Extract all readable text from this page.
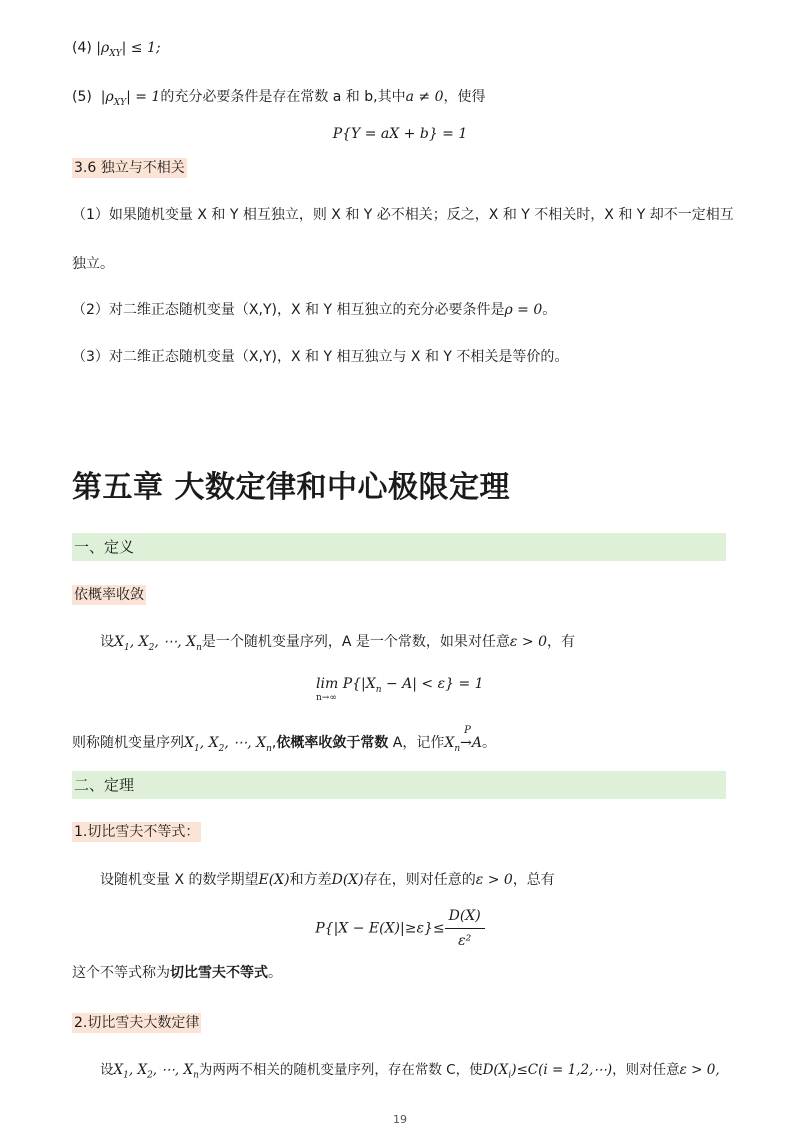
(4) $|\rho_{XY}| \le 1$;
(5) $|\rho_{XY}| = 1$的充分必要条件是存在常数 a 和 b,其中a ≠ 0，使得
P{Y = aX + b} = 1
3.6 独立与不相关
（1）如果随机变量 X 和 Y 相互独立，则 X 和 Y 必不相关；反之，X 和 Y 不相关时，X 和 Y 却不一定相互
独立。
（2）对二维正态随机变量（X,Y)，X 和 Y 相互独立的充分必要条件是ρ = 0。
（3）对二维正态随机变量（X,Y)，X 和 Y 相互独立与 X 和 Y 不相关是等价的。
第五章 大数定律和中心极限定理
一、定义
依概率收敛
设$X_1$, $X_2$, ⋯, $X_n$是一个随机变量序列，A 是一个常数，如果对任意ε > 0，有
$\lim P\{|X_n - A| < \varepsilon\} = 1$
n→∞
则称随机变量序列$X_1$, $X_2$, ⋯, $X_n$,依概率收敛于常数 A，记作$X_n$
P
→A。
二、定理
1.切比雪夫不等式：
设随机变量 X 的数学期望E(X)和方差D(X)存在，则对任意的ε > 0，总有
$P\{|X - E(X)|\ge\varepsilon\}\le \frac{D(X)}{\text{ε²}}$
这个不等式称为切比雪夫不等式。
2.切比雪夫大数定律
设$X_1$, $X_2$, ⋯, $X_n$为两两不相关的随机变量序列，存在常数 C，使$D(X_i)\le C(i$ = 1,2,⋯)，则对任意ε > 0,
19
